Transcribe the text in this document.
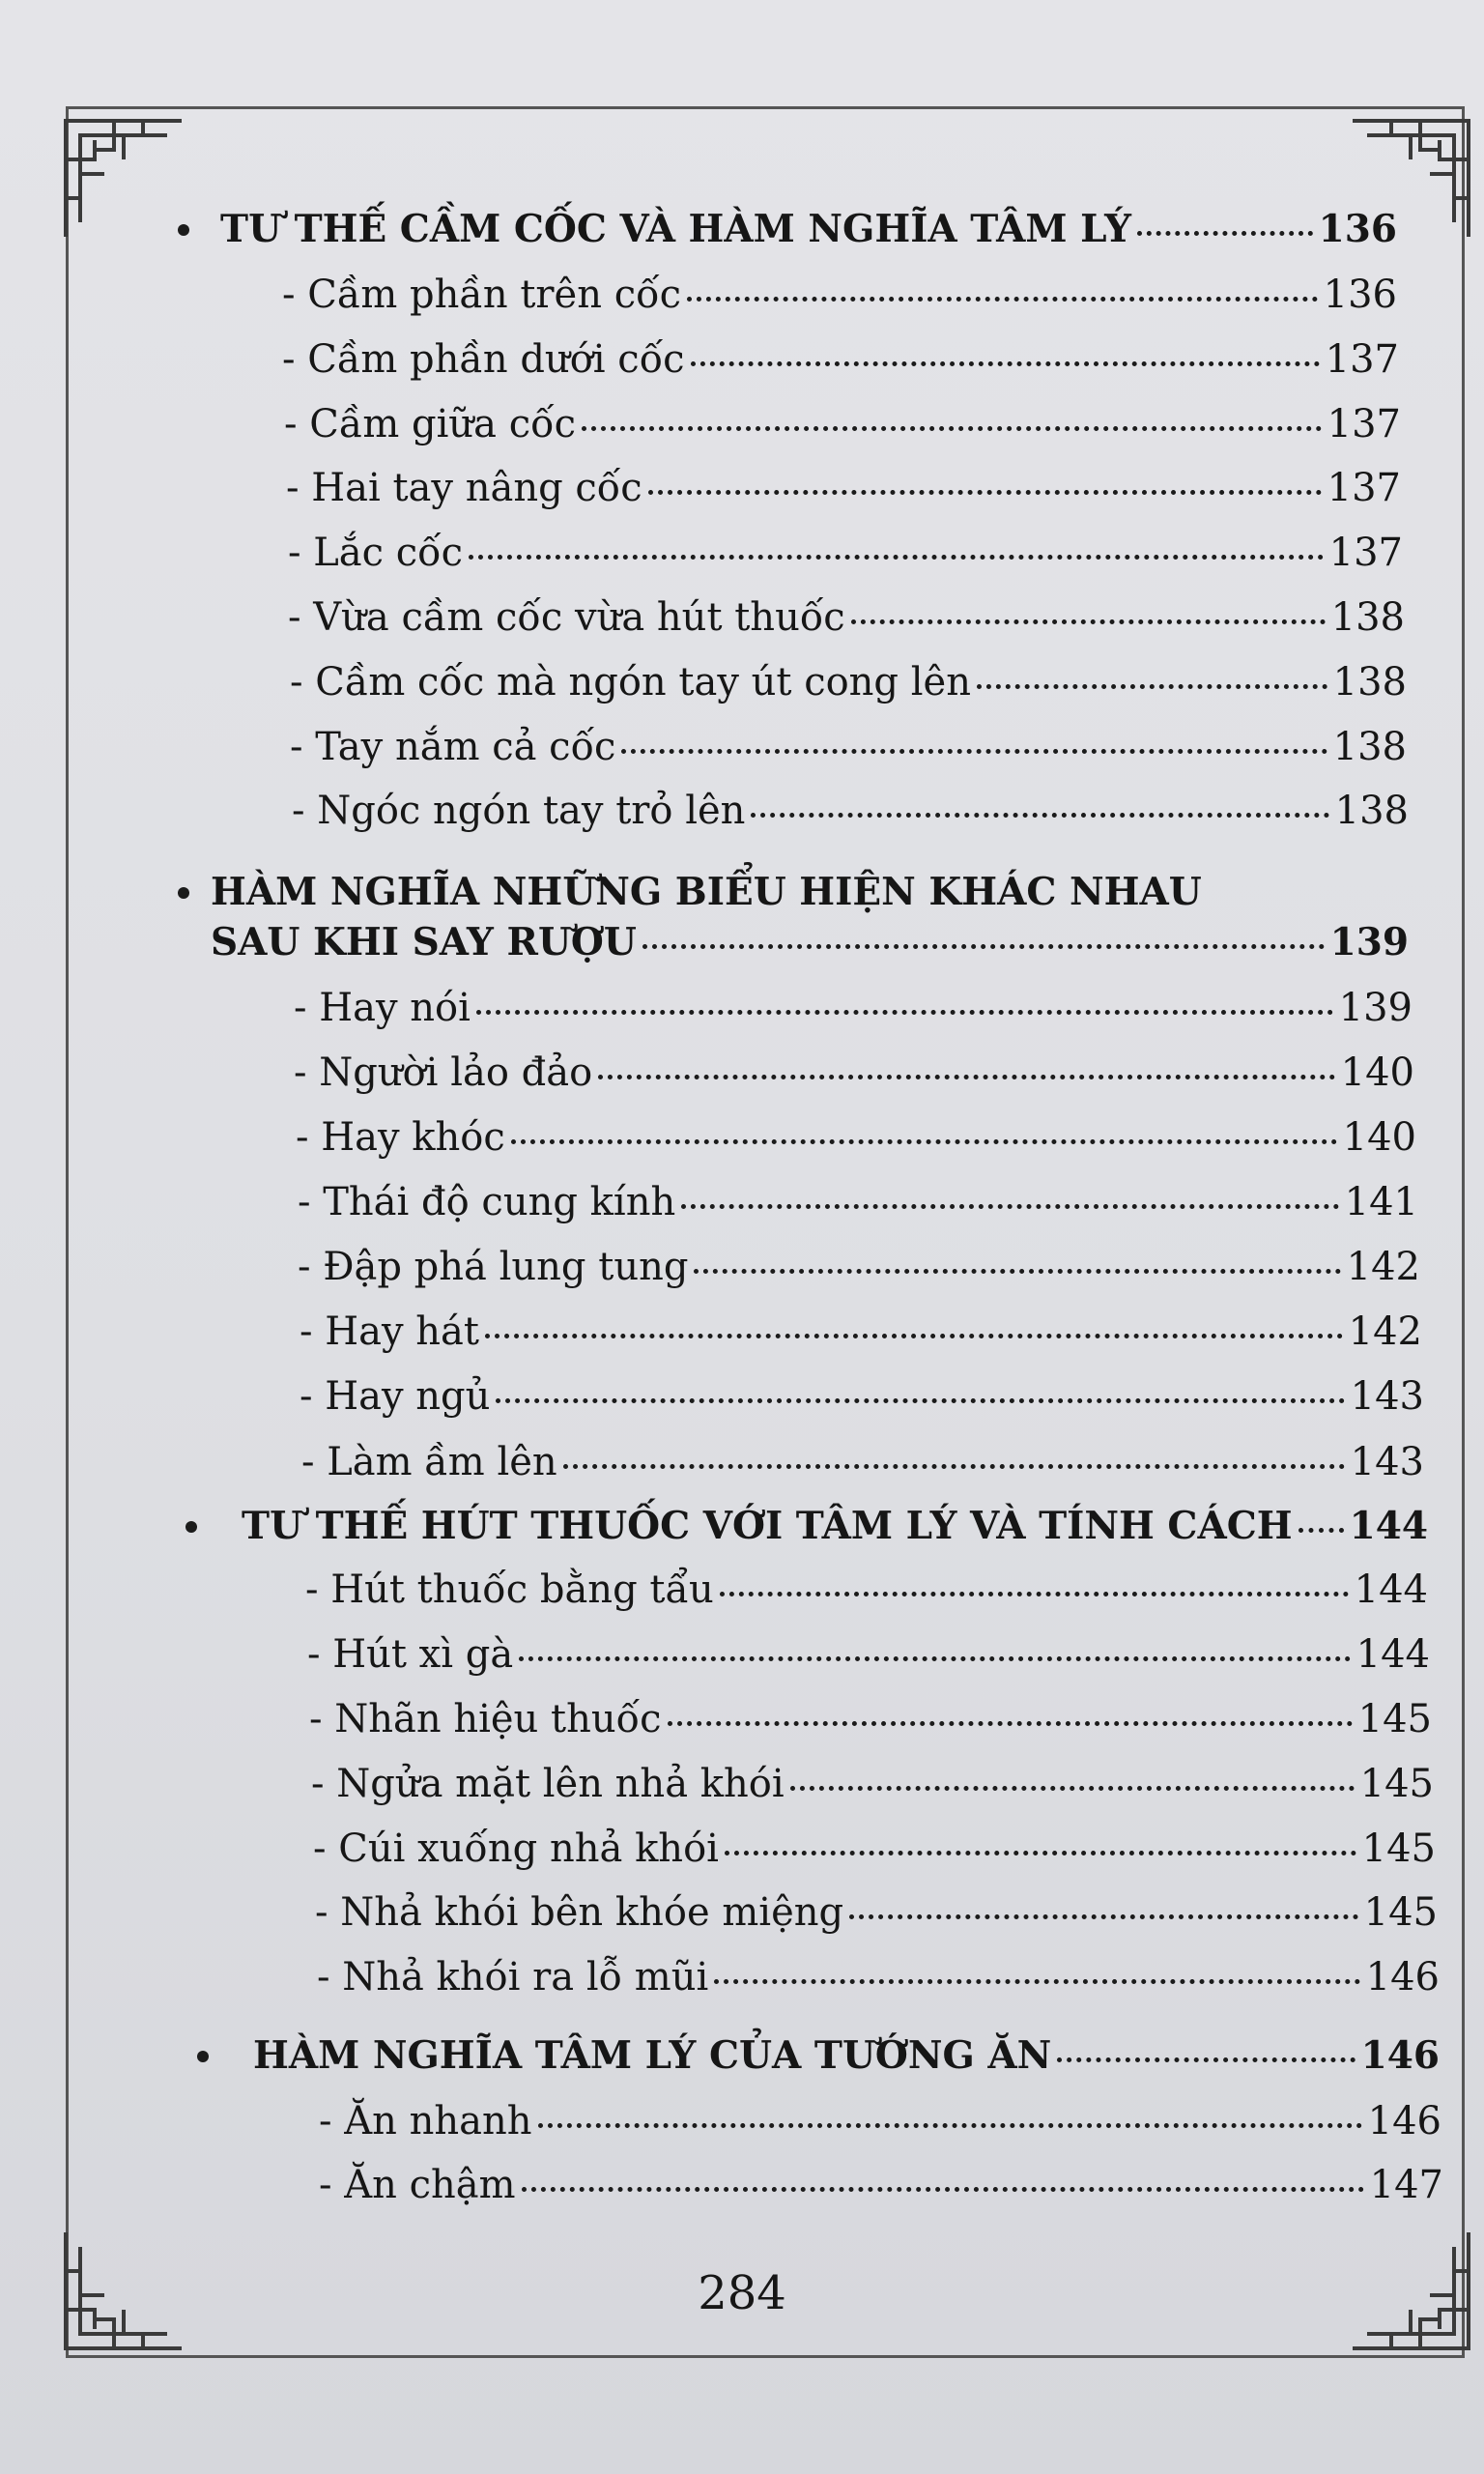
TƯ THẾ CẦM CỐC VÀ HÀM NGHĨA TÂM LÝ	136
- Cầm phần trên cốc	136
- Cầm phần dưới cốc	137
- Cầm giữa cốc	137
- Hai tay nâng cốc	137
- Lắc cốc	137
- Vừa cầm cốc vừa hút thuốc	138
- Cầm cốc mà ngón tay út cong lên	138
- Tay nắm cả cốc	138
- Ngóc ngón tay trỏ lên	138
HÀM NGHĨA NHỮNG BIỂU HIỆN KHÁC NHAU
SAU KHI SAY RƯỢU	139
- Hay nói	139
- Người lảo đảo	140
- Hay khóc	140
- Thái độ cung kính	141
- Đập phá lung tung	142
- Hay hát	142
- Hay ngủ	143
- Làm ầm lên	143
TƯ THẾ HÚT THUỐC VỚI TÂM LÝ VÀ TÍNH CÁCH 144
- Hút thuốc bằng tẩu	144
- Hút xì gà	144
- Nhãn hiệu thuốc	145
- Ngửa mặt lên nhả khói	145
- Cúi xuống nhả khói	145
- Nhả khói bên khóe miệng	145
- Nhả khói ra lỗ mũi	146
HÀM NGHĨA TÂM LÝ CỦA TƯỚNG ĂN	146
- Ăn nhanh	146
- Ăn chậm	147
284
